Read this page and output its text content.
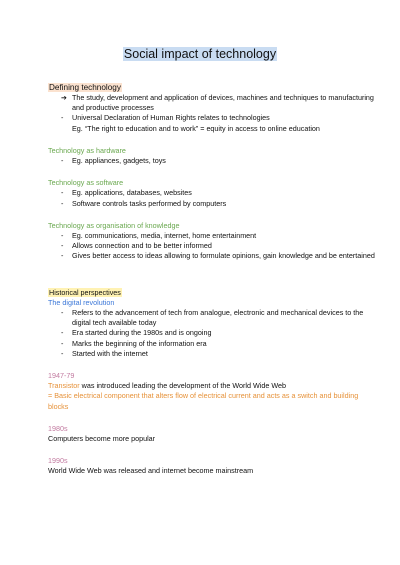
Social impact of technology
Defining technology
➔ The study, development and application of devices, machines and techniques to manufacturing and productive processes
- Universal Declaration of Human Rights relates to technologies
Eg. “The right to education and to work” = equity in access to online education
Technology as hardware
- Eg. appliances, gadgets, toys
Technology as software
- Eg. applications, databases, websites
- Software controls tasks performed by computers
Technology as organisation of knowledge
- Eg. communications, media, internet, home entertainment
- Allows connection and to be better informed
- Gives better access to ideas allowing to formulate opinions, gain knowledge and be entertained
Historical perspectives
The digital revolution
- Refers to the advancement of tech from analogue, electronic and mechanical devices to the digital tech available today
- Era started during the 1980s and is ongoing
- Marks the beginning of the information era
- Started with the internet
1947-79

Transistor was introduced leading the development of the World Wide Web

= Basic electrical component that alters flow of electrical current and acts as a switch and building blocks

1980s

Computers become more popular

1990s

World Wide Web was released and internet become mainstream
